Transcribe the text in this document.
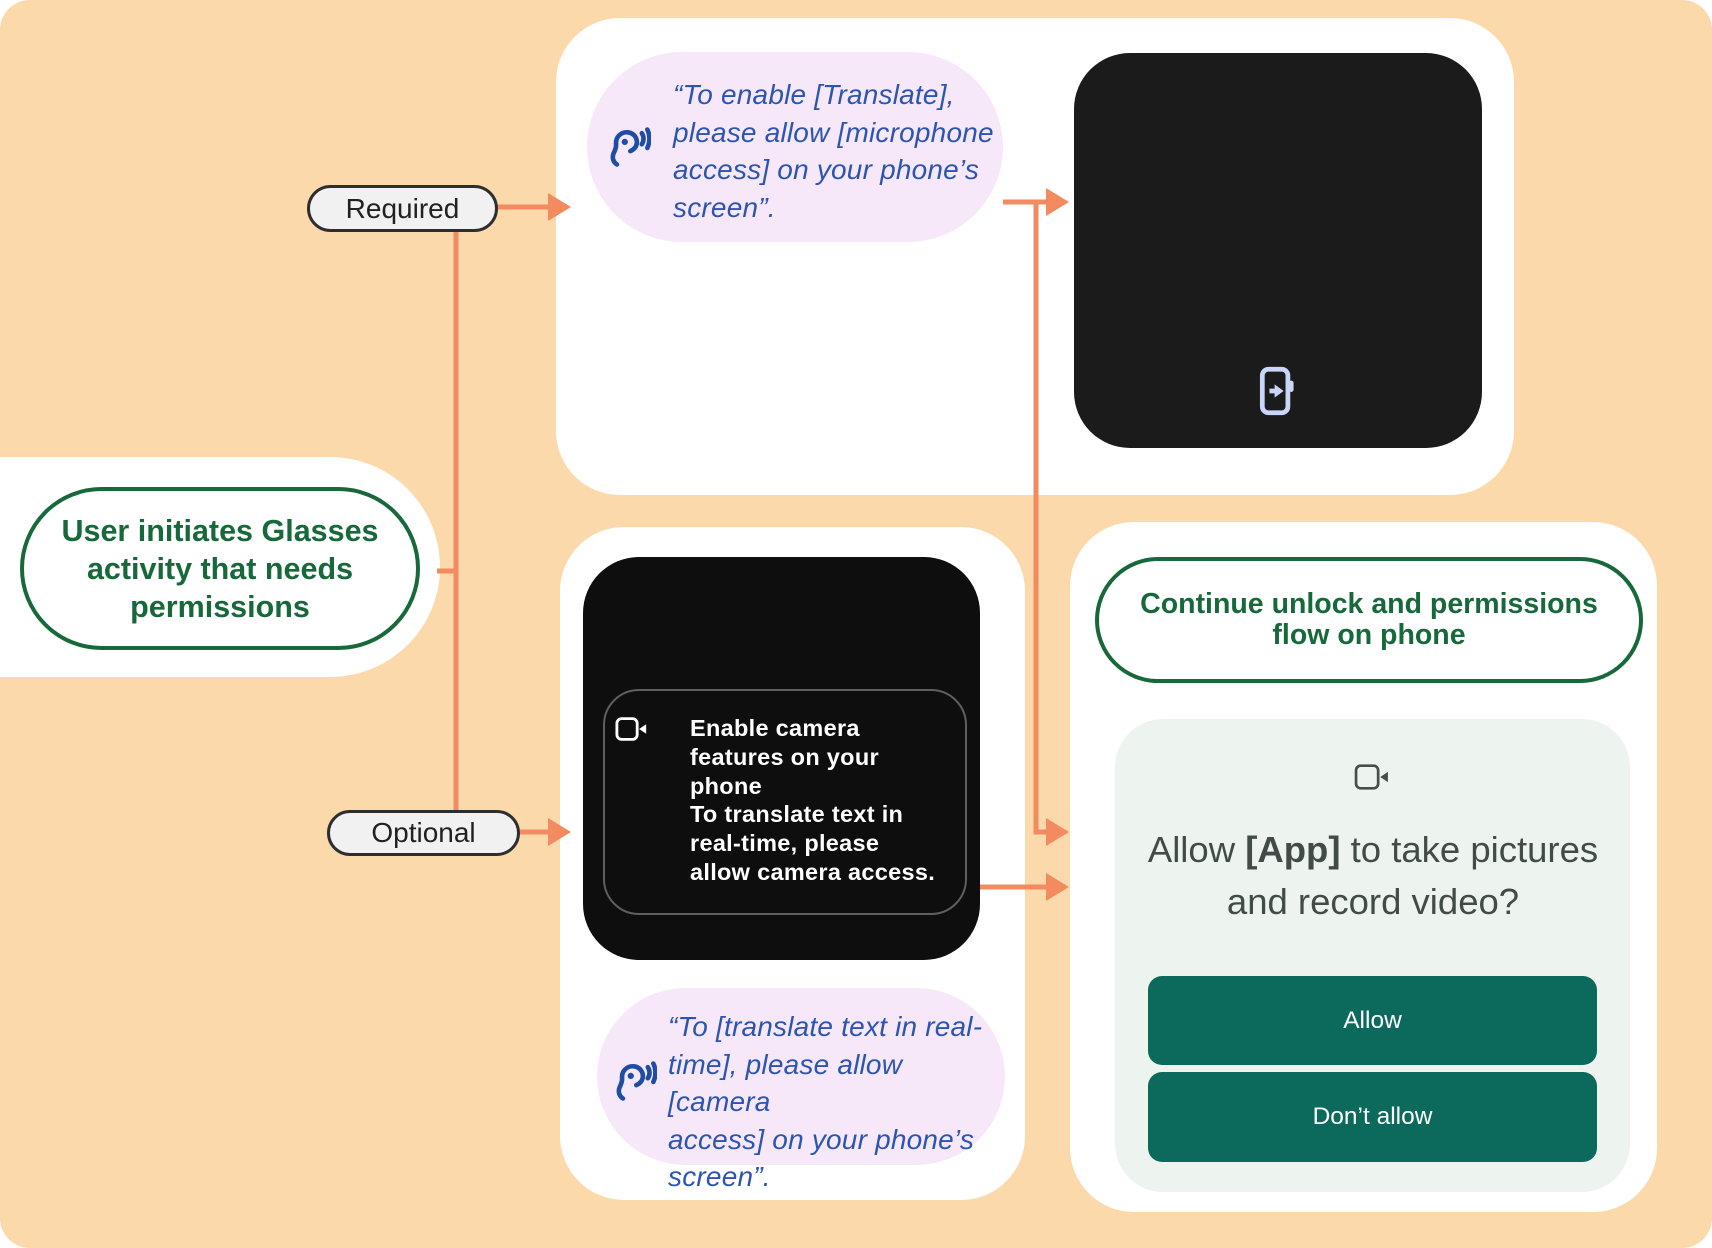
“To enable [Translate],
please allow [microphone
access] on your phone’s
screen”.
Enable camera
features on your
phone
To translate text in
real-time, please
allow camera access.
“To [translate text in real-
time], please allow [camera
access] on your phone’s
screen”.
User initiates Glasses
activity that needs
permissions	Continue unlock and permissions
flow on phone
Allow [App] to take pictures and record video?
Allow
Don’t allow
Required
Optional
